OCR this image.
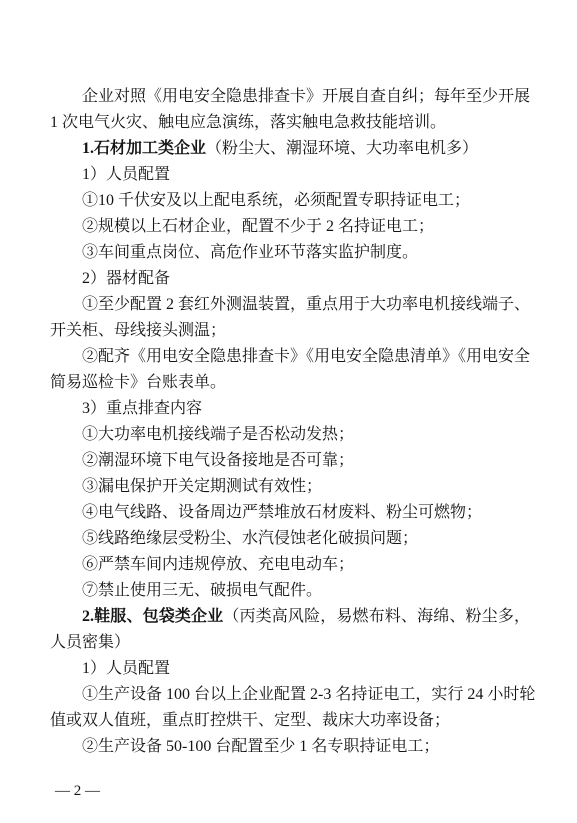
企业对照《用电安全隐患排查卡》开展自查自纠；每年至少开展
1 次电气火灾、触电应急演练，落实触电急救技能培训。
1.石材加工类企业（粉尘大、潮湿环境、大功率电机多）
1）人员配置
①10 千伏安及以上配电系统，必须配置专职持证电工；
②规模以上石材企业，配置不少于 2 名持证电工；
③车间重点岗位、高危作业环节落实监护制度。
2）器材配备
①至少配置 2 套红外测温装置，重点用于大功率电机接线端子、
开关柜、母线接头测温；
②配齐《用电安全隐患排查卡》《用电安全隐患清单》《用电安全
简易巡检卡》台账表单。
3）重点排查内容
①大功率电机接线端子是否松动发热；
②潮湿环境下电气设备接地是否可靠；
③漏电保护开关定期测试有效性；
④电气线路、设备周边严禁堆放石材废料、粉尘可燃物；
⑤线路绝缘层受粉尘、水汽侵蚀老化破损问题；
⑥严禁车间内违规停放、充电电动车；
⑦禁止使用三无、破损电气配件。
2.鞋服、包袋类企业（丙类高风险，易燃布料、海绵、粉尘多，
人员密集）
1）人员配置
①生产设备 100 台以上企业配置 2-3 名持证电工，实行 24 小时轮
值或双人值班，重点盯控烘干、定型、裁床大功率设备；
②生产设备 50-100 台配置至少 1 名专职持证电工；
— 2 —
